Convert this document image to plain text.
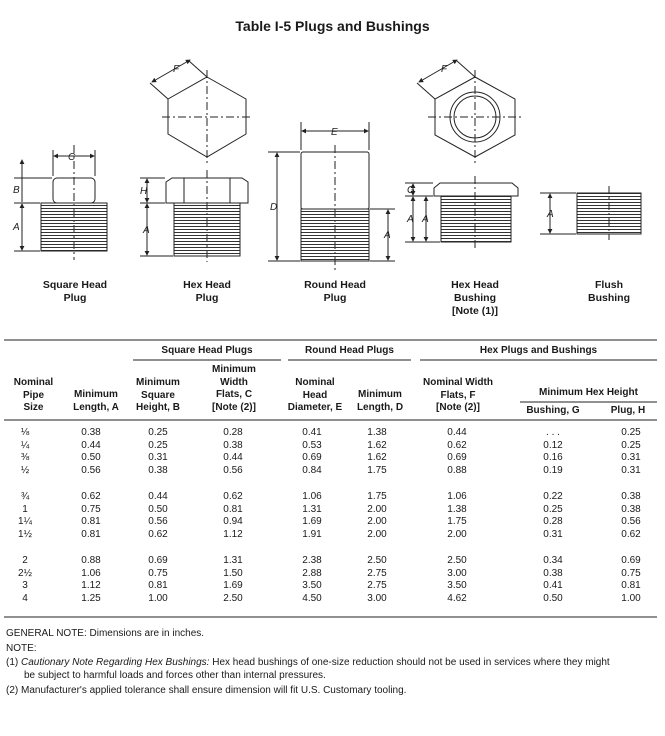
Table I-5 Plugs and Bushings
C
B
A
F
H
A
E
D
A
F
G
A A	A
Square Head
Plug
Hex Head
Plug
Round Head
Plug
Hex Head
Bushing
[Note (1)]
Flush
Bushing
Square Head Plugs	Round Head Plugs	Hex Plugs and Bushings
Minimum Hex Height
Nominal
Pipe
Size
Minimum
Length, A
Minimum
Square
Height, B
Minimum
Width
Flats, C
[Note (2)]
Nominal
Head
Diameter, E
Minimum
Length, D
Nominal Width
Flats, F
[Note (2)]	Bushing, G	Plug, H
⅛	0.38	0.25	0.28	0.41	1.38	0.44	. . .	0.25
¼	0.44	0.25	0.38	0.53	1.62	0.62	0.12	0.25
⅜	0.50	0.31	0.44	0.69	1.62	0.69	0.16	0.31
½	0.56	0.38	0.56	0.84	1.75	0.88	0.19	0.31
¾	0.62	0.44	0.62	1.06	1.75	1.06	0.22	0.38
1	0.75	0.50	0.81	1.31	2.00	1.38	0.25	0.38
1¼	0.81	0.56	0.94	1.69	2.00	1.75	0.28	0.56
1½	0.81	0.62	1.12	1.91	2.00	2.00	0.31	0.62
2	0.88	0.69	1.31	2.38	2.50	2.50	0.34	0.69
2½	1.06	0.75	1.50	2.88	2.75	3.00	0.38	0.75
3	1.12	0.81	1.69	3.50	2.75	3.50	0.41	0.81
4	1.25	1.00	2.50	4.50	3.00	4.62	0.50	1.00
GENERAL NOTE: Dimensions are in inches.
NOTE:
(1) Cautionary Note Regarding Hex Bushings: Hex head bushings of one-size reduction should not be used in services where they might
be subject to harmful loads and forces other than internal pressures.
(2) Manufacturer's applied tolerance shall ensure dimension will fit U.S. Customary tooling.
